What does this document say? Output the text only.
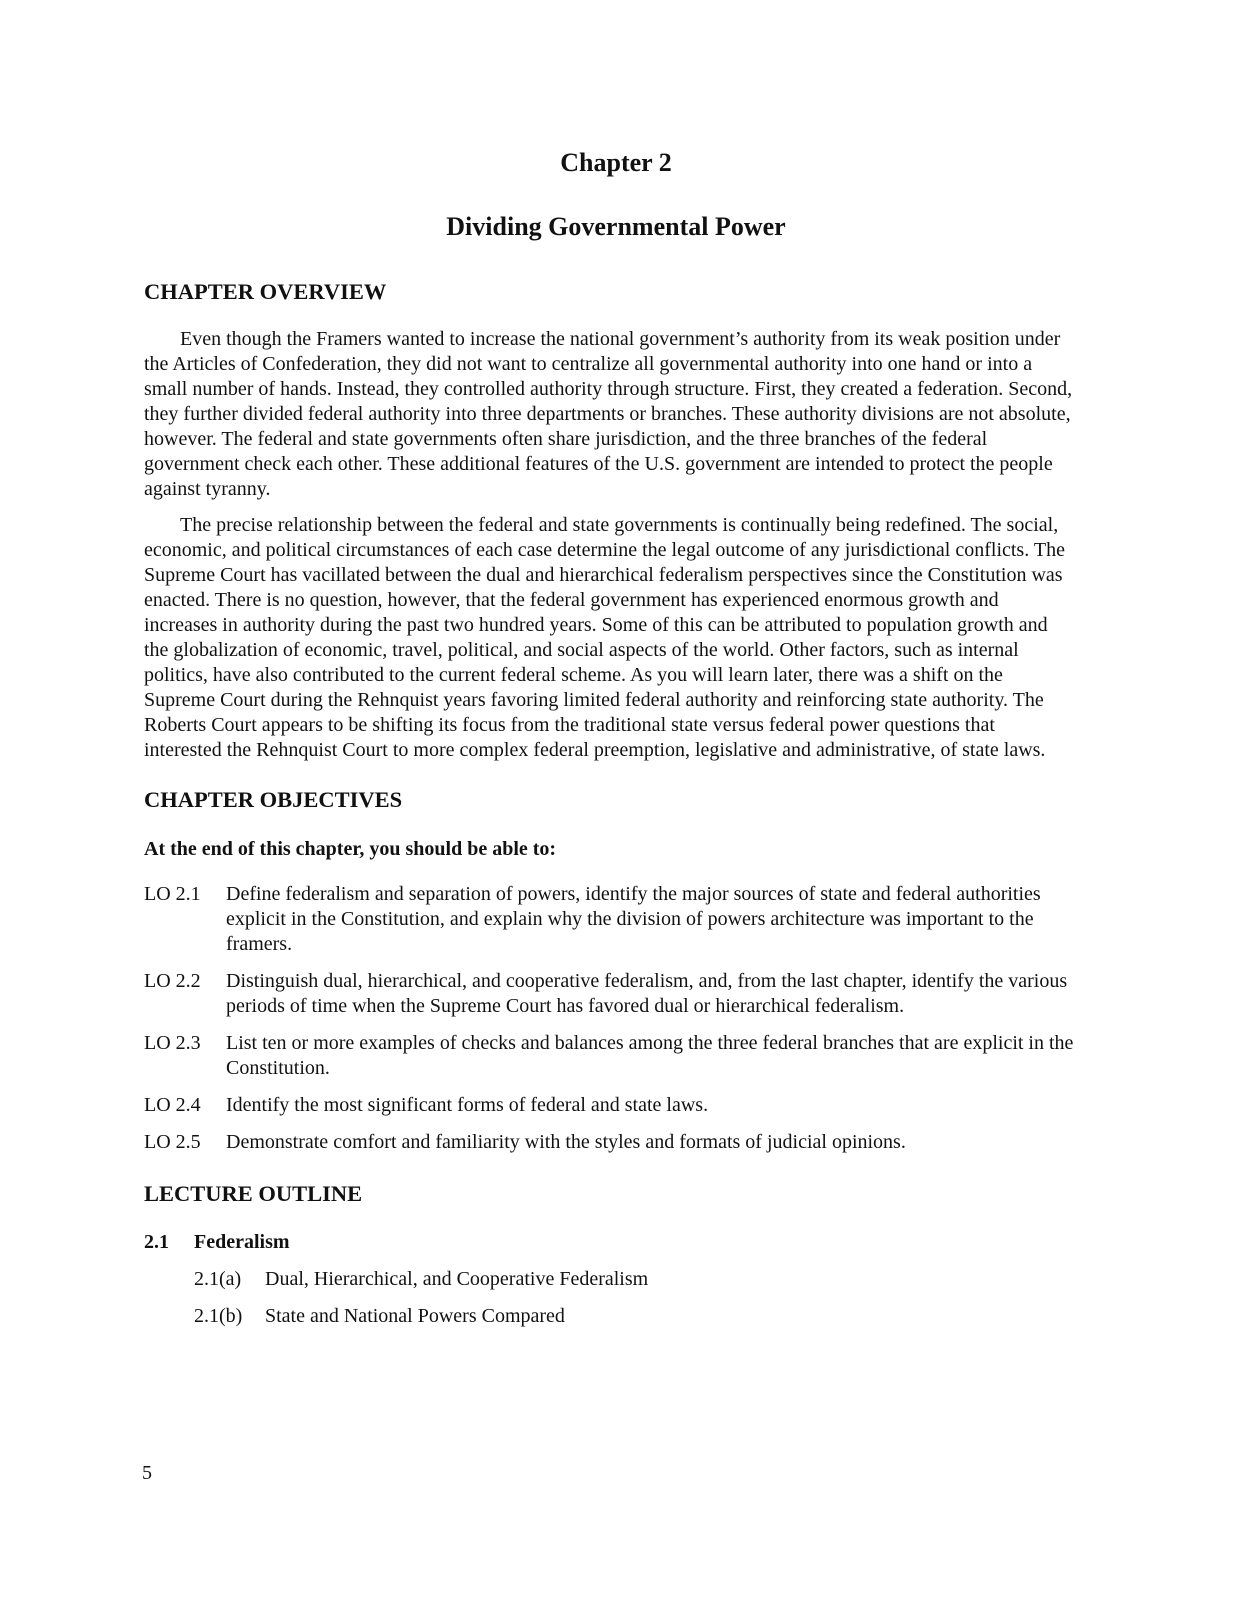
Chapter 2
Dividing Governmental Power
CHAPTER OVERVIEW

Even though the Framers wanted to increase the national government’s authority from its weak position under the Articles of Confederation, they did not want to centralize all governmental authority into one hand or into a small number of hands. Instead, they controlled authority through structure. First, they created a federation. Second, they further divided federal authority into three departments or branches. These authority divisions are not absolute, however. The federal and state governments often share jurisdiction, and the three branches of the federal government check each other. These additional features of the U.S. government are intended to protect the people against tyranny.

The precise relationship between the federal and state governments is continually being redefined. The social, economic, and political circumstances of each case determine the legal outcome of any jurisdictional conflicts. The Supreme Court has vacillated between the dual and hierarchical federalism perspectives since the Constitution was enacted. There is no question, however, that the federal government has experienced enormous growth and increases in authority during the past two hundred years. Some of this can be attributed to population growth and the globalization of economic, travel, political, and social aspects of the world. Other factors, such as internal politics, have also contributed to the current federal scheme. As you will learn later, there was a shift on the Supreme Court during the Rehnquist years favoring limited federal authority and reinforcing state authority. The Roberts Court appears to be shifting its focus from the traditional state versus federal power questions that interested the Rehnquist Court to more complex federal preemption, legislative and administrative, of state laws.

CHAPTER OBJECTIVES

At the end of this chapter, you should be able to:

LO 2.1	Define federalism and separation of powers, identify the major sources of state and federal authorities explicit in the Constitution, and explain why the division of powers architecture was important to the framers.
LO 2.2	Distinguish dual, hierarchical, and cooperative federalism, and, from the last chapter, identify the various periods of time when the Supreme Court has favored dual or hierarchical federalism.
LO 2.3	List ten or more examples of checks and balances among the three federal branches that are explicit in the Constitution.
LO 2.4	Identify the most significant forms of federal and state laws.
LO 2.5	Demonstrate comfort and familiarity with the styles and formats of judicial opinions.
LECTURE OUTLINE
2.1	Federalism
2.1(a)	Dual, Hierarchical, and Cooperative Federalism
2.1(b)	State and National Powers Compared

5
